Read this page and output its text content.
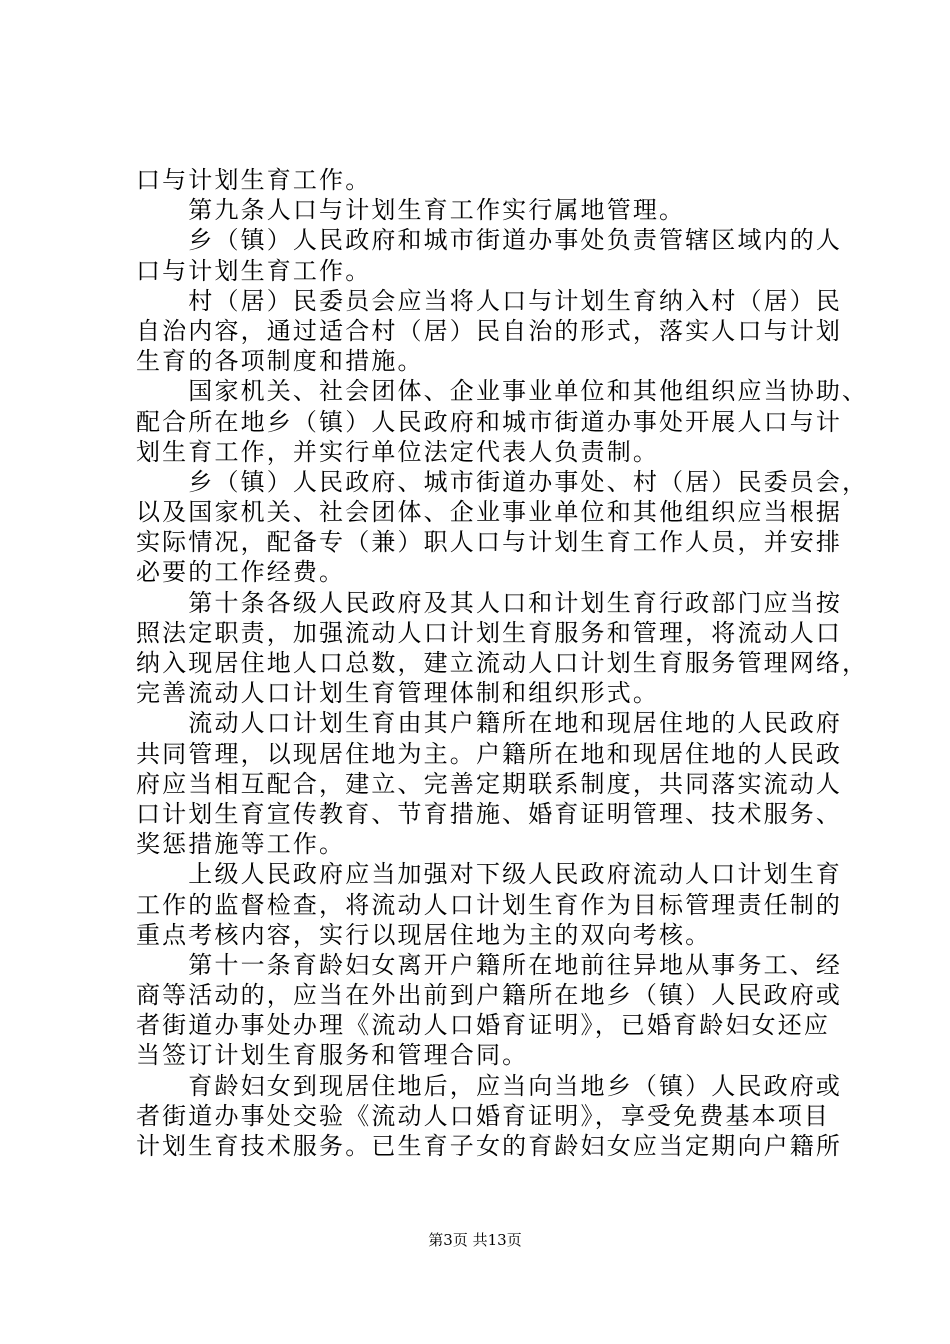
口与计划生育工作。
　　第九条人口与计划生育工作实行属地管理。
　　乡（镇）人民政府和城市街道办事处负责管辖区域内的人
口与计划生育工作。
　　村（居）民委员会应当将人口与计划生育纳入村（居）民
自治内容，通过适合村（居）民自治的形式，落实人口与计划
生育的各项制度和措施。
　　国家机关、社会团体、企业事业单位和其他组织应当协助、
配合所在地乡（镇）人民政府和城市街道办事处开展人口与计
划生育工作，并实行单位法定代表人负责制。
　　乡（镇）人民政府、城市街道办事处、村（居）民委员会，
以及国家机关、社会团体、企业事业单位和其他组织应当根据
实际情况，配备专（兼）职人口与计划生育工作人员，并安排
必要的工作经费。
　　第十条各级人民政府及其人口和计划生育行政部门应当按
照法定职责，加强流动人口计划生育服务和管理，将流动人口
纳入现居住地人口总数，建立流动人口计划生育服务管理网络，
完善流动人口计划生育管理体制和组织形式。
　　流动人口计划生育由其户籍所在地和现居住地的人民政府
共同管理，以现居住地为主。户籍所在地和现居住地的人民政
府应当相互配合，建立、完善定期联系制度，共同落实流动人
口计划生育宣传教育、节育措施、婚育证明管理、技术服务、
奖惩措施等工作。
　　上级人民政府应当加强对下级人民政府流动人口计划生育
工作的监督检查，将流动人口计划生育作为目标管理责任制的
重点考核内容，实行以现居住地为主的双向考核。
　　第十一条育龄妇女离开户籍所在地前往异地从事务工、经
商等活动的，应当在外出前到户籍所在地乡（镇）人民政府或
者街道办事处办理《流动人口婚育证明》，已婚育龄妇女还应
当签订计划生育服务和管理合同。
　　育龄妇女到现居住地后，应当向当地乡（镇）人民政府或
者街道办事处交验《流动人口婚育证明》，享受免费基本项目
计划生育技术服务。已生育子女的育龄妇女应当定期向户籍所
第3页 共13页
